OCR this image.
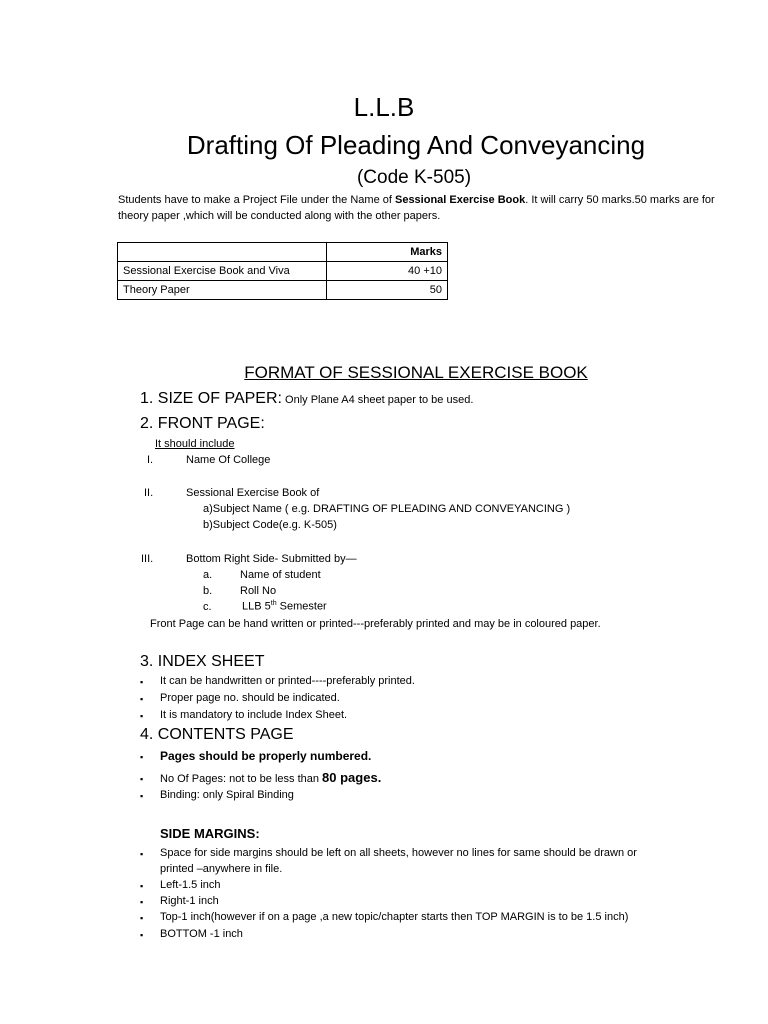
L.L.B
Drafting Of Pleading And Conveyancing
(Code K-505)
Students have to make a Project File under the Name of Sessional Exercise Book. It will carry 50 marks.50 marks are for theory paper ,which will be conducted along with the other papers.
	Marks
Sessional Exercise Book and Viva	40 +10
Theory Paper	50
FORMAT OF SESSIONAL EXERCISE BOOK
1. SIZE OF PAPER: Only Plane A4 sheet paper to be used.
2. FRONT PAGE:
It should include
I.	Name Of College
II.	Sessional Exercise Book of
a)Subject Name ( e.g. DRAFTING OF PLEADING AND CONVEYANCING )
b)Subject Code(e.g. K-505)
III.	Bottom Right Side- Submitted by—
a.	Name of student
b.	Roll No
c.	LLB 5th Semester
Front Page can be hand written or printed---preferably printed and may be in coloured paper.
3. INDEX SHEET
▪ It can be handwritten or printed----preferably printed.
▪ Proper page no. should be indicated.
▪ It is mandatory to include Index Sheet.
4. CONTENTS PAGE
▪ Pages should be properly numbered.
▪ No Of Pages: not to be less than 80 pages.
▪ Binding: only Spiral Binding
SIDE MARGINS:
▪ Space for side margins should be left on all sheets, however no lines for same should be drawn or
printed –anywhere in file.
▪ Left-1.5 inch
▪ Right-1 inch
▪ Top-1 inch(however if on a page ,a new topic/chapter starts then TOP MARGIN is to be 1.5 inch)
▪ BOTTOM -1 inch
